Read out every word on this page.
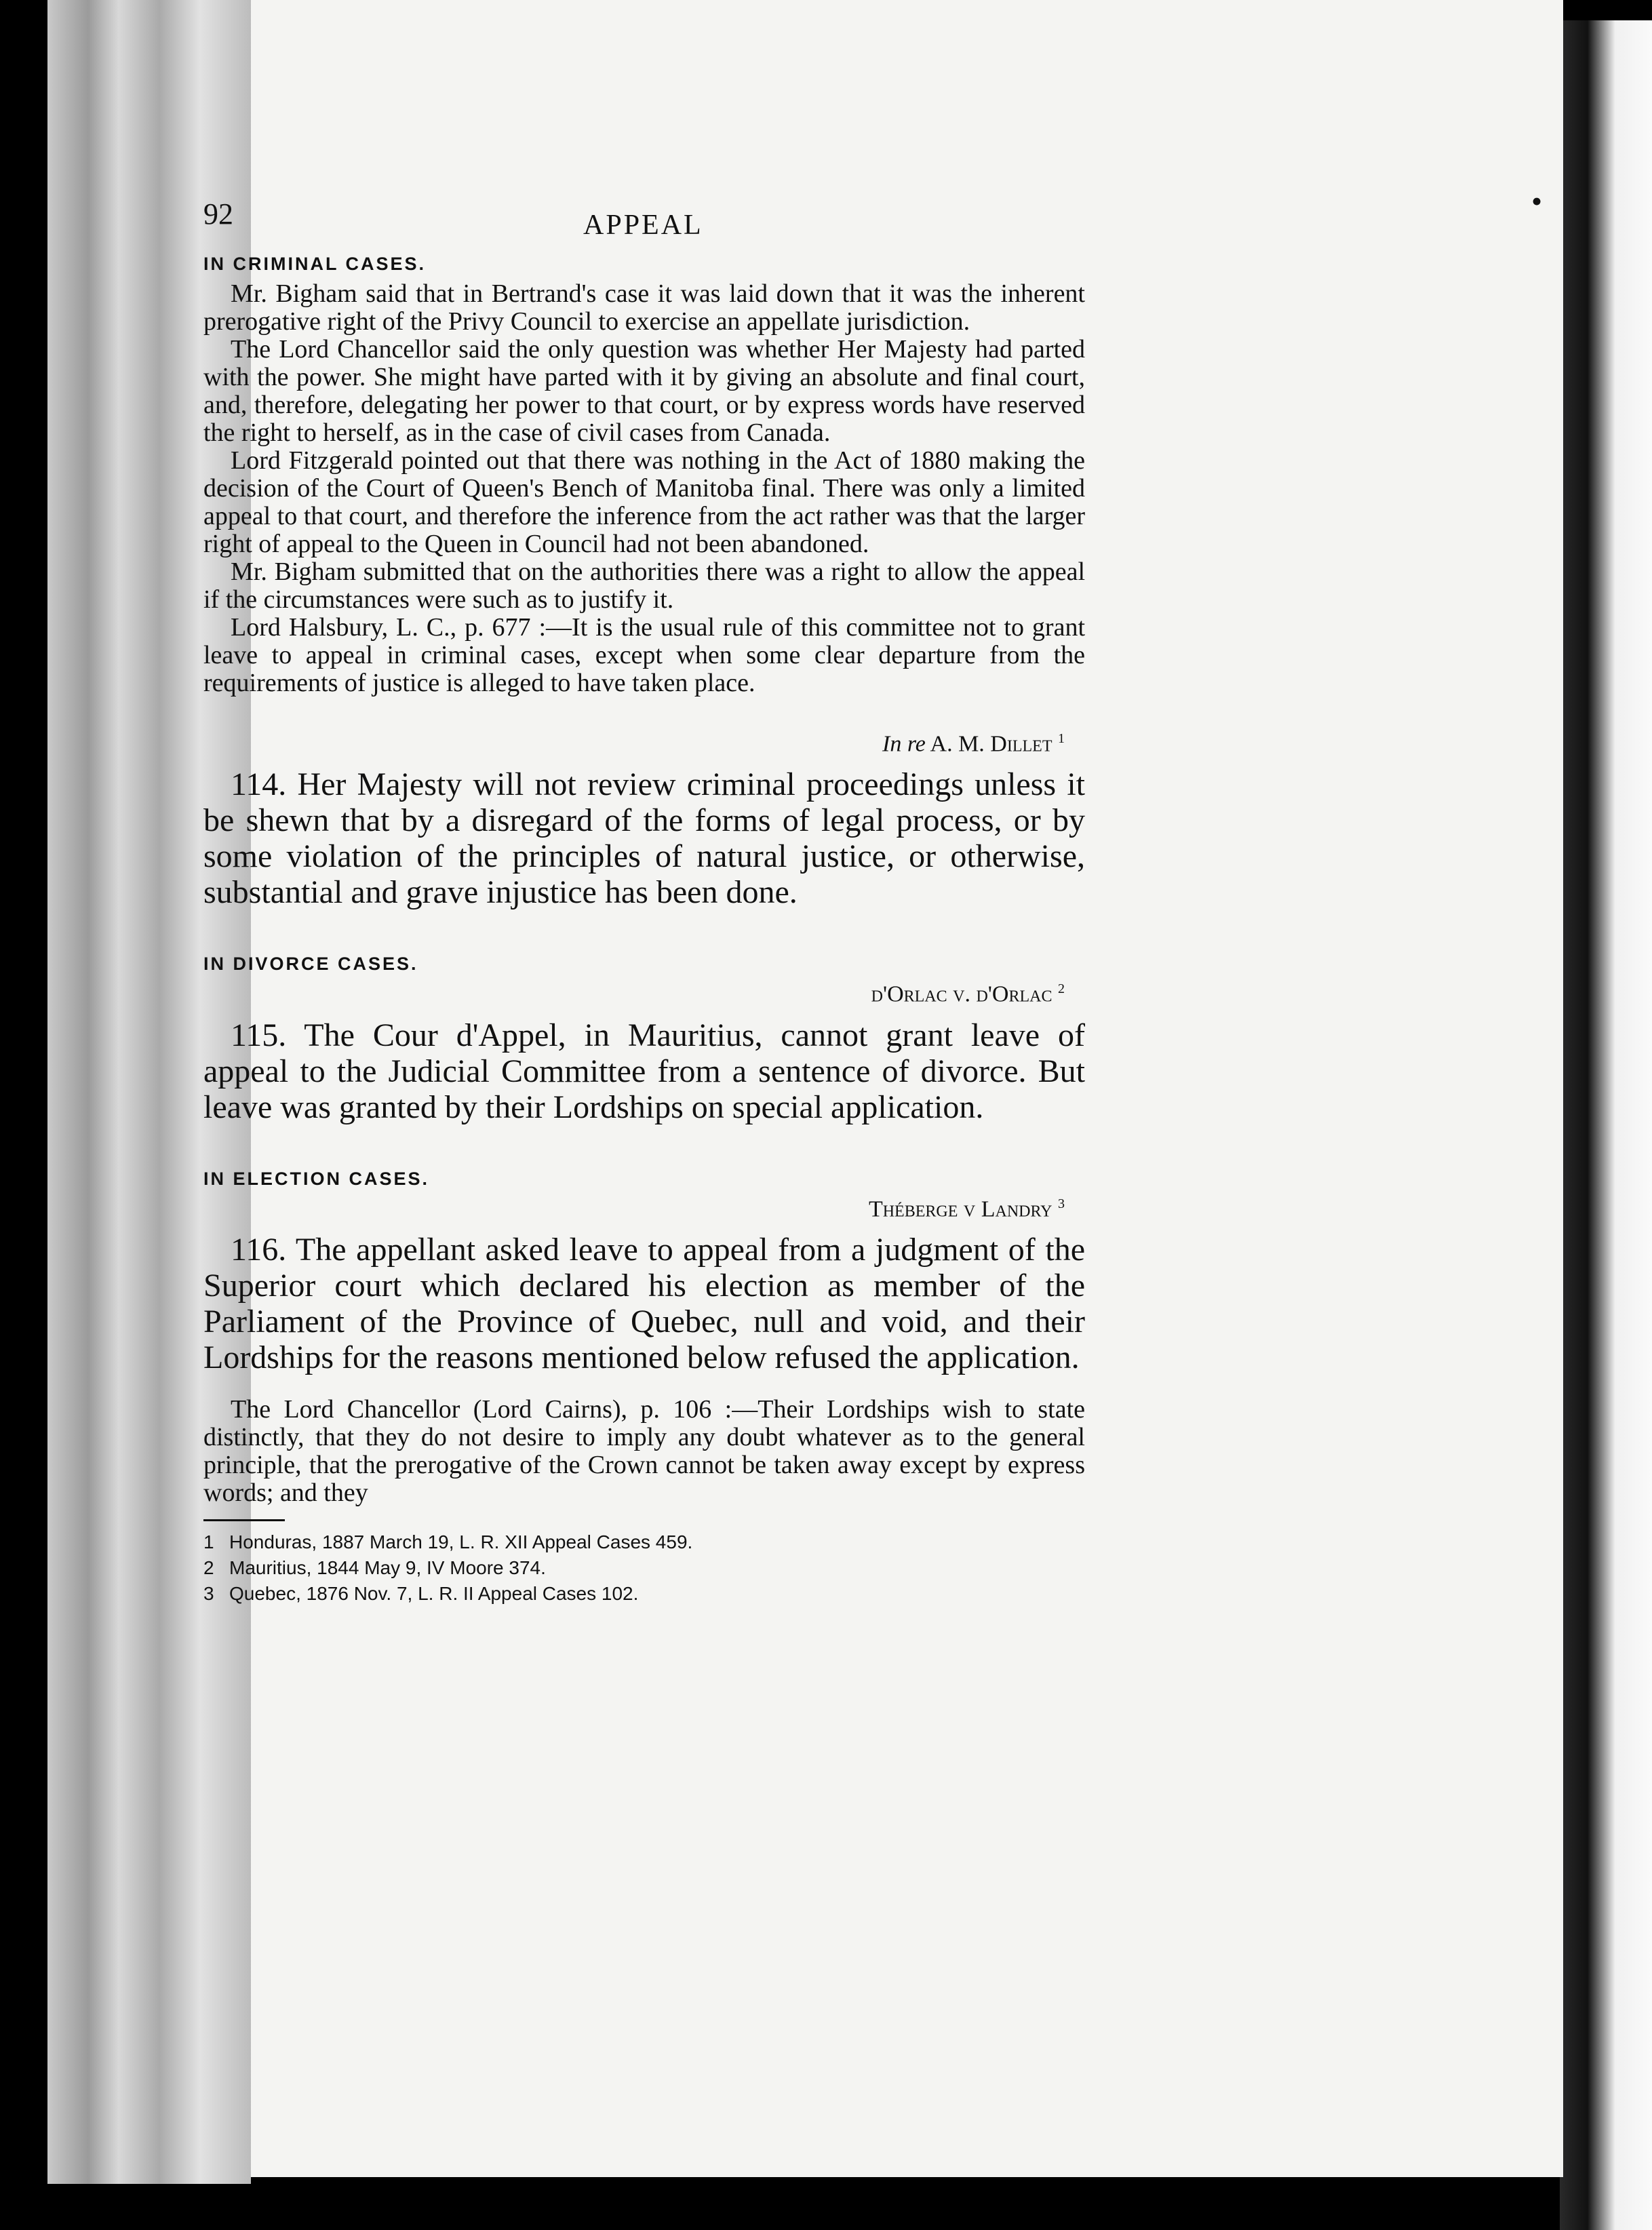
•
92	APPEAL
IN CRIMINAL CASES.

Mr. Bigham said that in Bertrand's case it was laid down that it was the inherent prerogative right of the Privy Council to exercise an appellate jurisdiction.

The Lord Chancellor said the only question was whether Her Majesty had parted with the power. She might have parted with it by giving an absolute and final court, and, therefore, delegating her power to that court, or by express words have reserved the right to herself, as in the case of civil cases from Canada.

Lord Fitzgerald pointed out that there was nothing in the Act of 1880 making the decision of the Court of Queen's Bench of Manitoba final. There was only a limited appeal to that court, and therefore the inference from the act rather was that the larger right of appeal to the Queen in Council had not been abandoned.

Mr. Bigham submitted that on the authorities there was a right to allow the appeal if the circumstances were such as to justify it.

Lord Halsbury, L. C., p. 677 :—It is the usual rule of this committee not to grant leave to appeal in criminal cases, except when some clear departure from the requirements of justice is alleged to have taken place.

In re A. M. Dillet $^1$

114. Her Majesty will not review criminal proceedings unless it be shewn that by a disregard of the forms of legal process, or by some violation of the principles of natural justice, or otherwise, substantial and grave injustice has been done.

IN DIVORCE CASES.
d'Orlac v. d'Orlac $^2$

115. The Cour d'Appel, in Mauritius, cannot grant leave of appeal to the Judicial Committee from a sentence of divorce. But leave was granted by their Lordships on special application.

IN ELECTION CASES.
Théberge v Landry $^3$

116. The appellant asked leave to appeal from a judgment of the Superior court which declared his election as member of the Parliament of the Province of Quebec, null and void, and their Lordships for the reasons mentioned below refused the application.

The Lord Chancellor (Lord Cairns), p. 106 :—Their Lordships wish to state distinctly, that they do not desire to imply any doubt whatever as to the general principle, that the prerogative of the Crown cannot be taken away except by express words; and they

1 Honduras, 1887 March 19, L. R. XII Appeal Cases 459.
2 Mauritius, 1844 May 9, IV Moore 374.
3 Quebec, 1876 Nov. 7, L. R. II Appeal Cases 102.
